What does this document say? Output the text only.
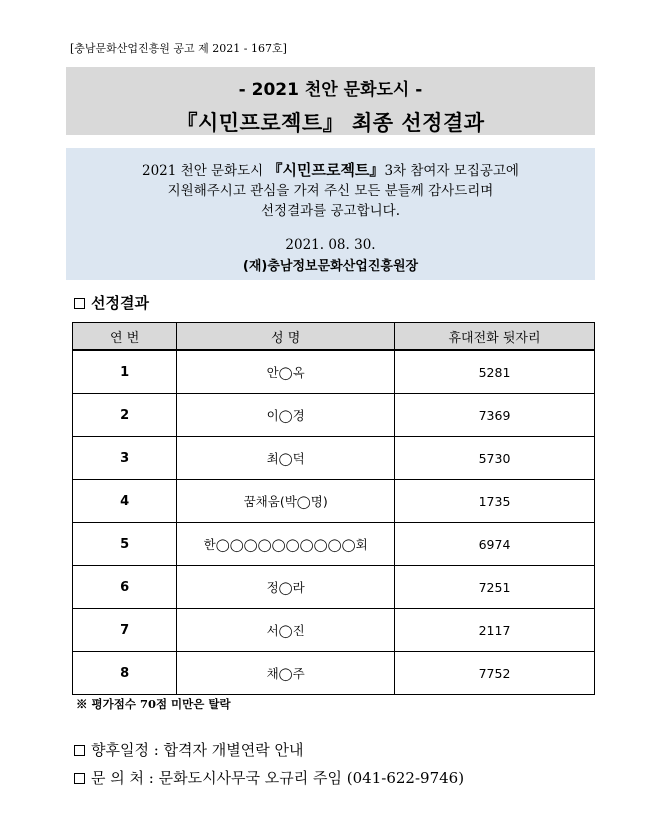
[충남문화산업진흥원 공고 제 2021 - 167호]
- 2021 천안 문화도시 -
『시민프로젝트』 최종 선정결과
2021 천안 문화도시 『시민프로젝트』3차 참여자 모집공고에
지원해주시고 관심을 가져 주신 모든 분들께 감사드리며
선정결과를 공고합니다.
2021. 08. 30.
(재)충남정보문화산업진흥원장
선정결과
연 번	성 명	휴대전화 뒷자리
1	안◯옥	5281
2	이◯경	7369
3	최◯덕	5730
4	꿈채움(박◯명)	1735
5	한◯◯◯◯◯◯◯◯◯◯회	6974
6	정◯라	7251
7	서◯진	2117
8	채◯주	7752
※ 평가점수 70점 미만은 탈락
향후일정 : 합격자 개별연락 안내
문 의 처 : 문화도시사무국 오규리 주임 (041-622-9746)
